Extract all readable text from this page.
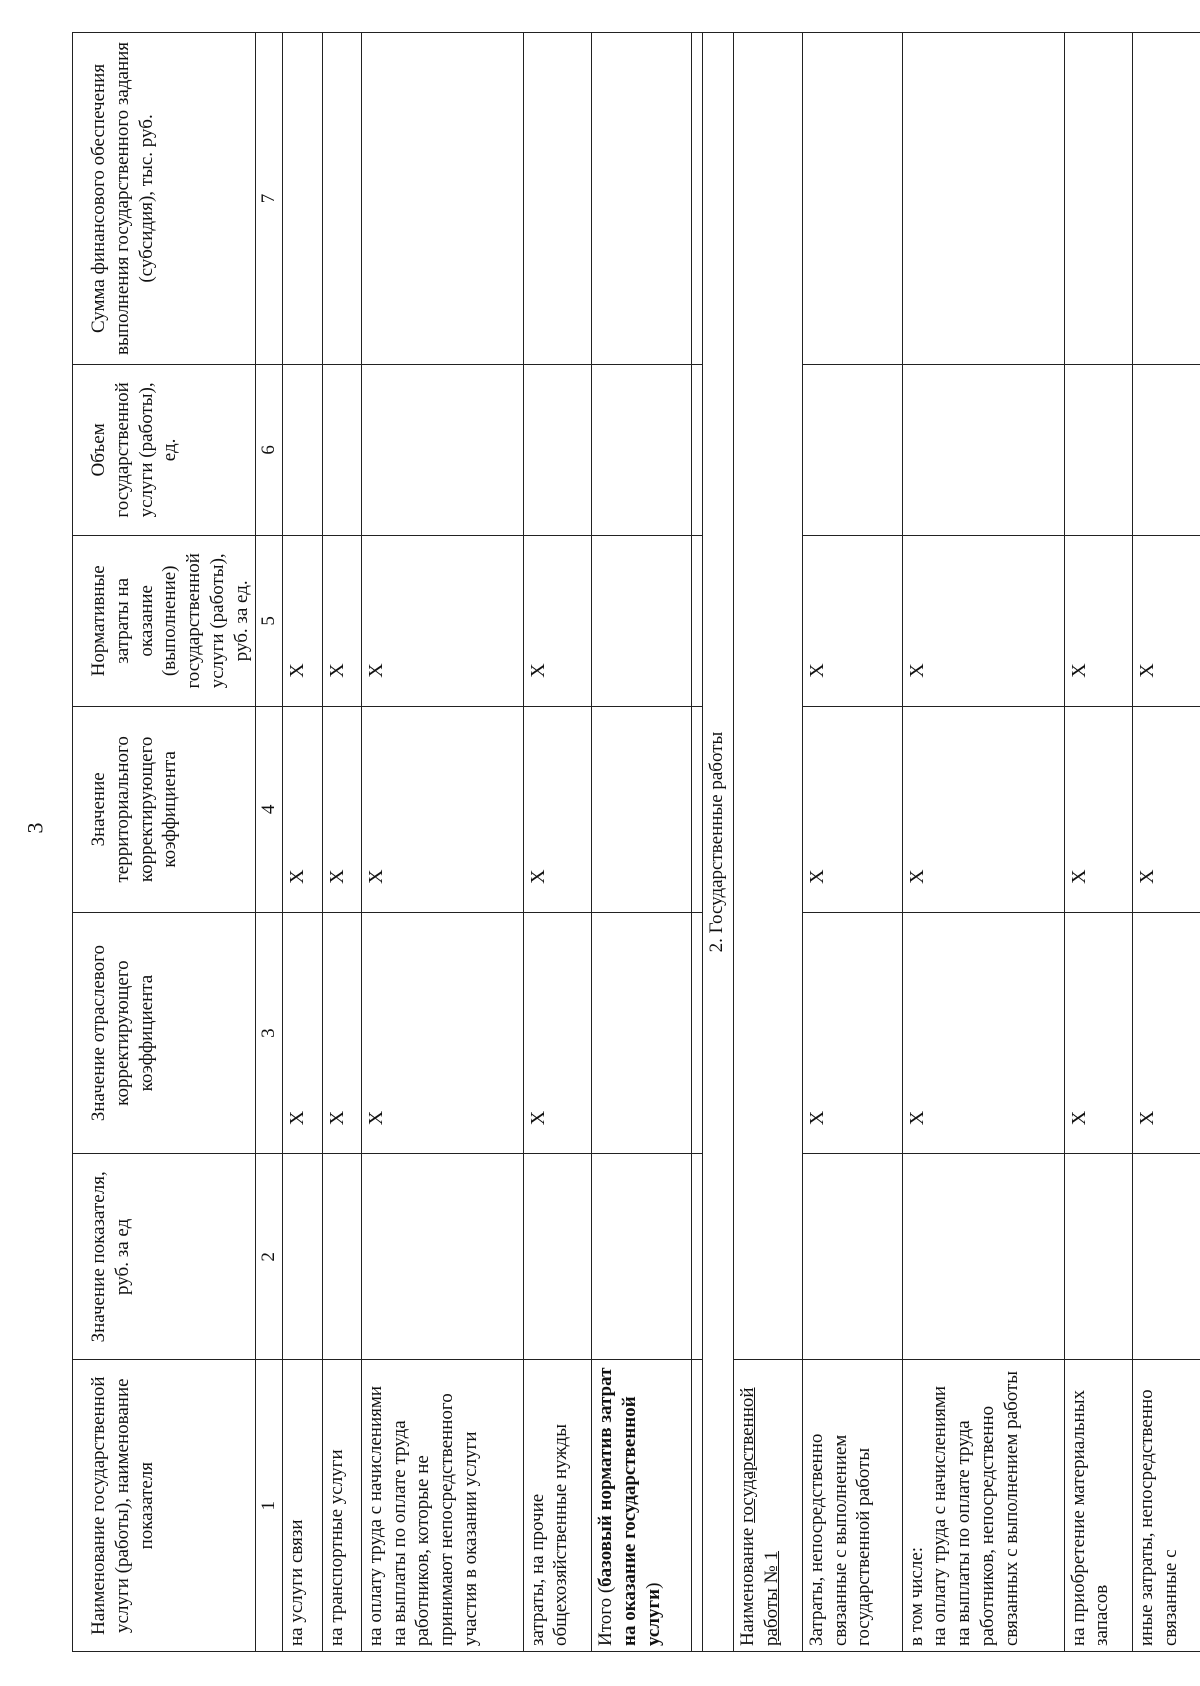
3
Наименование государственной услуги (работы), наименование показателя	Значение показателя, руб. за ед	Значение отраслевого корректирующего коэффициента	Значение территориального корректирующего коэффициента	Нормативные затраты на оказание (выполнение) государственной услуги (работы), руб. за ед.	Объем государственной услуги (работы), ед.	Сумма финансового обеспечения выполнения государственного задания (субсидия), тыс. руб.
1	2	3	4	5	6	7
на услуги связи		X	X	X		
на транспортные услуги		X	X	X		
на оплату труда с начислениями на выплаты по оплате труда работников, которые не принимают непосредственного участия в оказании услуги		X	X	X		
затраты, на прочие общехозяйственные нужды		X	X	X		
Итого (базовый норматив затрат на оказание государственной услуги)						

2. Государственные работы						
Наименование государственной работы № 1						
Затраты, непосредственно связанные с выполнением государственной работы		X	X	X		
в том числе:
на оплату труда с начислениями на выплаты по оплате труда работников, непосредственно связанных с выполнением работы		X	X	X		
на приобретение материальных запасов		X	X	X		
иные затраты, непосредственно связанные с		X	X	X		
